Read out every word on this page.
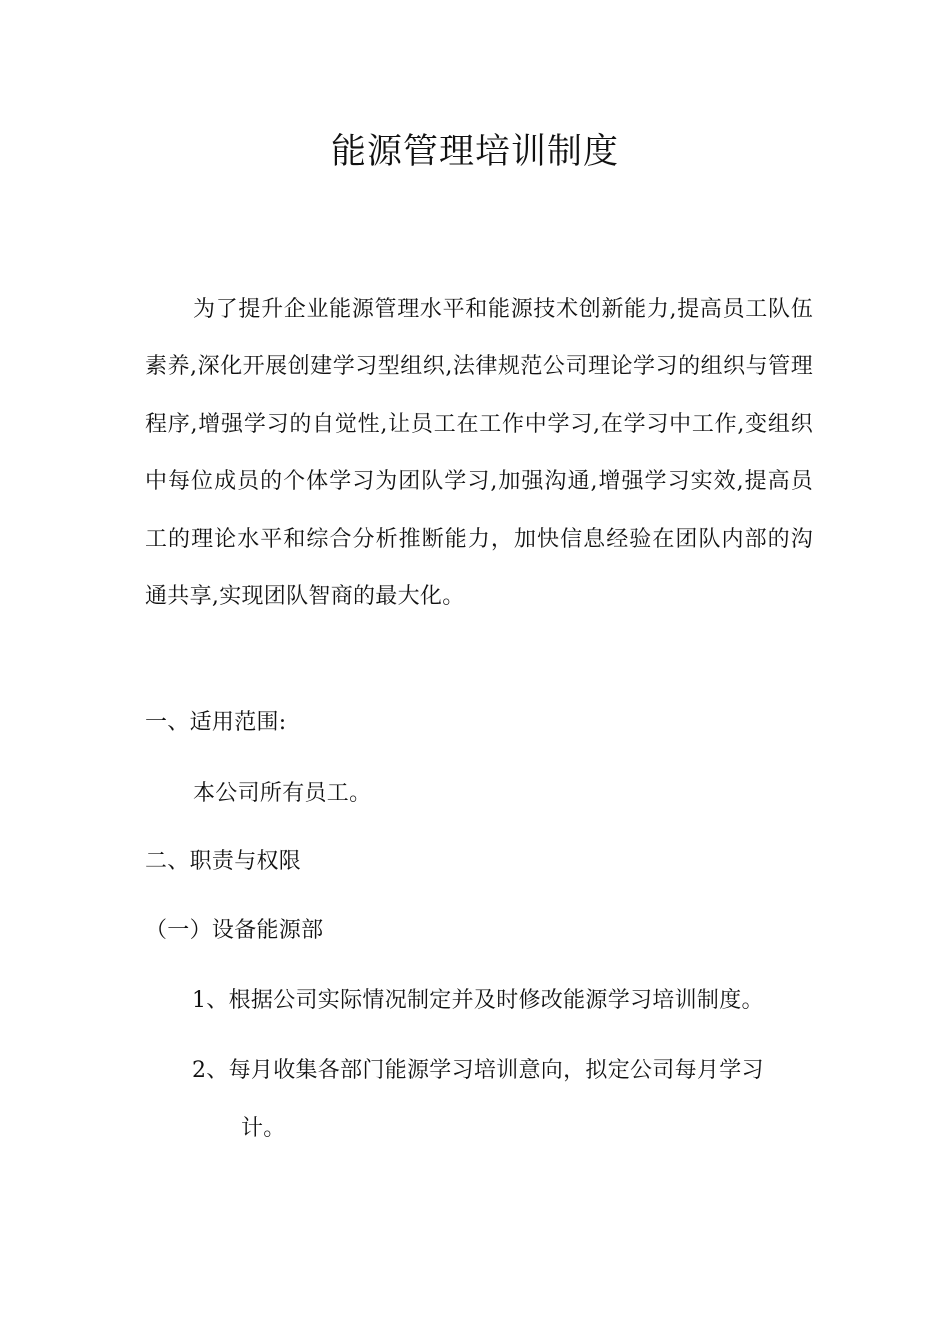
能源管理培训制度

为了提升企业能源管理水平和能源技术创新能力,提高员工队伍素养,深化开展创建学习型组织,法律规范公司理论学习的组织与管理程序,增强学习的自觉性,让员工在工作中学习,在学习中工作,变组织中每位成员的个体学习为团队学习,加强沟通,增强学习实效,提高员工的理论水平和综合分析推断能力，加快信息经验在团队内部的沟通共享,实现团队智商的最大化。

一、适用范围:
本公司所有员工。
二、职责与权限
（一）设备能源部
1、根据公司实际情况制定并及时修改能源学习培训制度。
2、每月收集各部门能源学习培训意向，拟定公司每月学习
计。
